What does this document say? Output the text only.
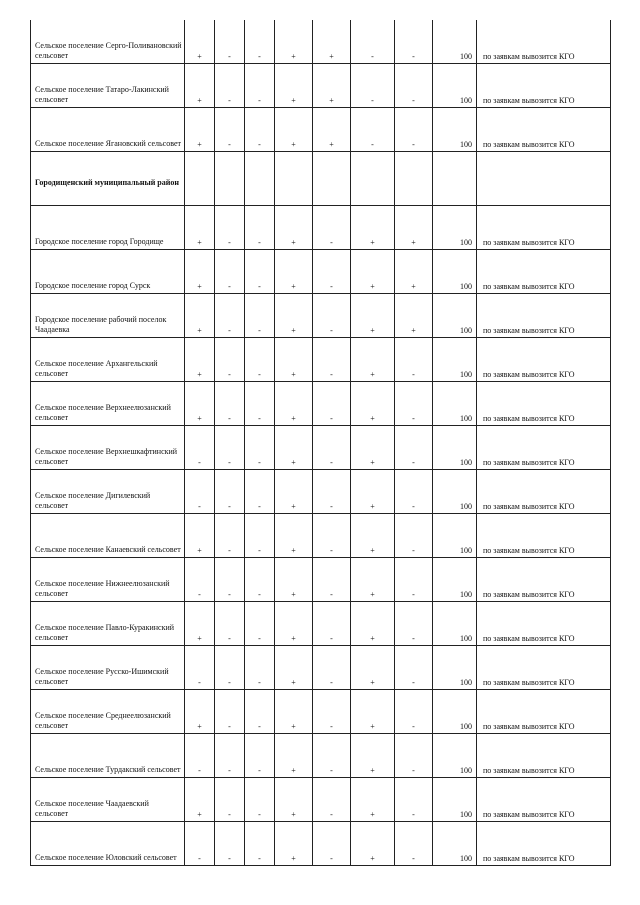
Сельское поселение Серго-Поливановский сельсовет	+	-	-	+	+	-	-	100	по заявкам вывозится КГО
Сельское поселение Татаро-Лакинский сельсовет	+	-	-	+	+	-	-	100	по заявкам вывозится КГО
Сельское поселение Ягановский сельсовет	+	-	-	+	+	-	-	100	по заявкам вывозится КГО
Городищенский муниципальный район									
Городское поселение город Городище	+	-	-	+	-	+	+	100	по заявкам вывозится КГО
Городское поселение город Сурск	+	-	-	+	-	+	+	100	по заявкам вывозится КГО
Городское поселение рабочий поселок Чаадаевка	+	-	-	+	-	+	+	100	по заявкам вывозится КГО
Сельское поселение Архангельский сельсовет	+	-	-	+	-	+	-	100	по заявкам вывозится КГО
Сельское поселение Верхнеелюзанский сельсовет	+	-	-	+	-	+	-	100	по заявкам вывозится КГО
Сельское поселение Верхнешкафтинский сельсовет	-	-	-	+	-	+	-	100	по заявкам вывозится КГО
Сельское поселение Дигилевский сельсовет	-	-	-	+	-	+	-	100	по заявкам вывозится КГО
Сельское поселение Канаевский сельсовет	+	-	-	+	-	+	-	100	по заявкам вывозится КГО
Сельское поселение Нижнеелюзанский сельсовет	-	-	-	+	-	+	-	100	по заявкам вывозится КГО
Сельское поселение Павло-Куракинский сельсовет	+	-	-	+	-	+	-	100	по заявкам вывозится КГО
Сельское поселение Русско-Ишимский сельсовет	-	-	-	+	-	+	-	100	по заявкам вывозится КГО
Сельское поселение Среднеелюзанский сельсовет	+	-	-	+	-	+	-	100	по заявкам вывозится КГО
Сельское поселение Турдакский сельсовет	-	-	-	+	-	+	-	100	по заявкам вывозится КГО
Сельское поселение Чаадаевский сельсовет	+	-	-	+	-	+	-	100	по заявкам вывозится КГО
Сельское поселение Юловский сельсовет	-	-	-	+	-	+	-	100	по заявкам вывозится КГО
